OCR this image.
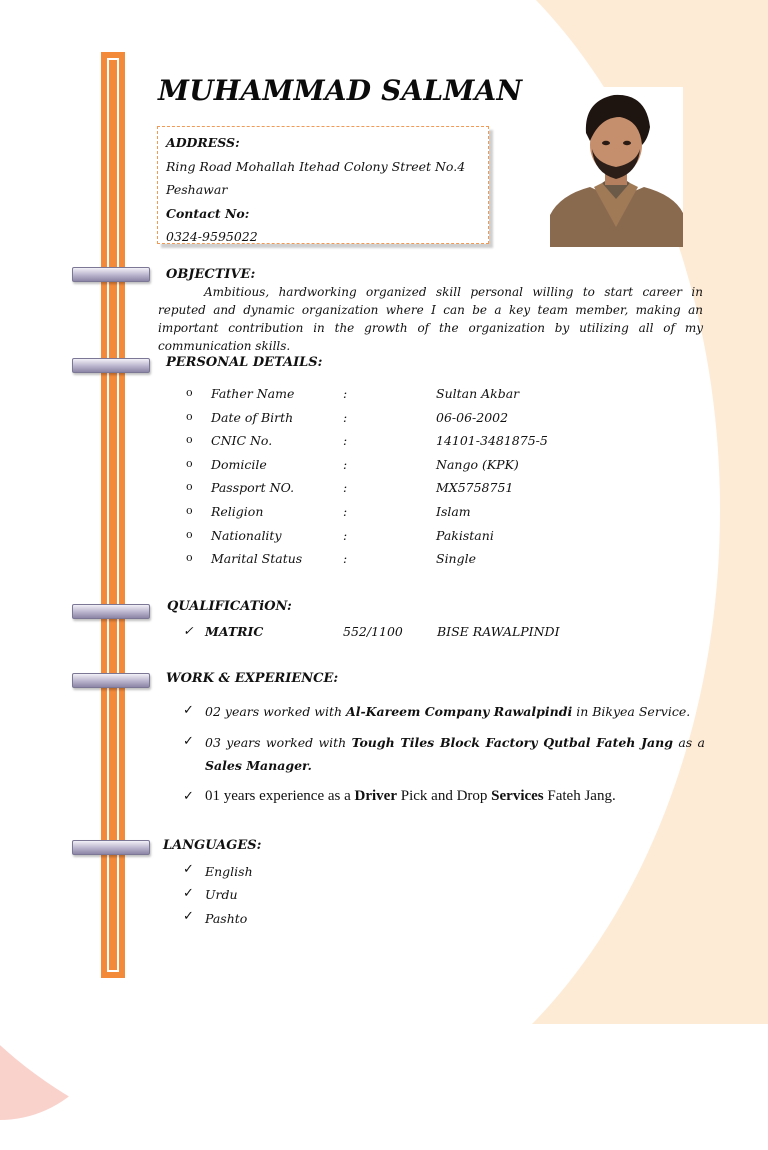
MUHAMMAD SALMAN
ADDRESS:
Ring Road Mohallah Itehad Colony Street No.4
Peshawar
Contact No:
0324-9595022
OBJECTIVE:

Ambitious, hardworking organized skill personal willing to start career in reputed and dynamic organization where I can be a key team member, making an important contribution in the growth of the organization by utilizing all of my communication skills.

PERSONAL DETAILS:
o Father Name	:	Sultan Akbar
o Date of Birth	:	06-06-2002
o CNIC No.	:	14101-3481875-5
o Domicile	:	Nango (KPK)
o Passport NO.	:	MX5758751
o Religion	:	Islam
o Nationality	:	Pakistani
o Marital Status	:	Single
QUALIFICATiON:
✓ MATRIC	552/1100	BISE RAWALPINDI
WORK & EXPERIENCE:
✓ 02 years worked with Al-Kareem Company Rawalpindi in Bikyea Service.
✓ 03 years worked with Tough Tiles Block Factory Qutbal Fateh Jang as a Sales Manager.
✓ 01 years experience as a Driver Pick and Drop Services Fateh Jang.
LANGUAGES:
✓ English
✓ Urdu
✓ Pashto
